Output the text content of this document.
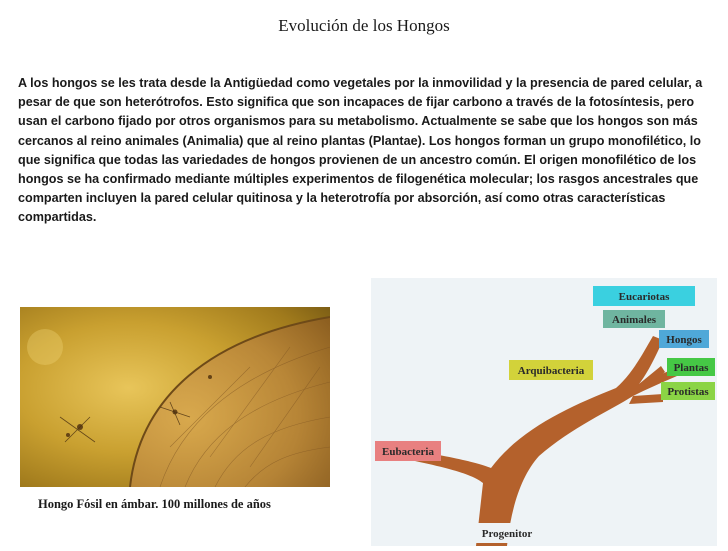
Evolución de los Hongos
A los hongos se les trata desde la Antigüedad como vegetales por la inmovilidad y la presencia de pared celular, a pesar de que son heterótrofos. Esto significa que son incapaces de fijar carbono a través de la fotosíntesis, pero usan el carbono fijado por otros organismos para su metabolismo. Actualmente se sabe que los hongos son más cercanos al reino animales (Animalia) que al reino plantas (Plantae). Los hongos forman un grupo monofilético, lo que significa que todas las variedades de hongos provienen de un ancestro común. El origen monofilético de los hongos se ha confirmado mediante múltiples experimentos de filogenética molecular; los rasgos ancestrales que comparten incluyen la pared celular quitinosa y la heterotrofía por absorción, así como otras características compartidas.
Hongo Fósil en ámbar. 100 millones de años
Eucariotas
Animales
Hongos
Plantas
Protistas
Arquibacteria
Eubacteria
Progenitor
